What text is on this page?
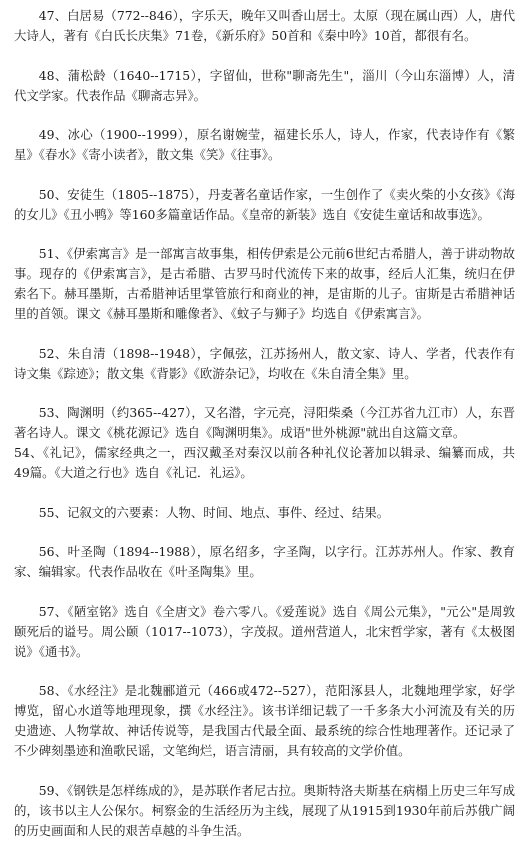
47、白居易（772--846），字乐天，晚年又叫香山居士。太原（现在属山西）人，唐代大诗人，著有《白氏长庆集》71卷，《新乐府》50首和《秦中吟》10首，都很有名。

48、蒲松龄（1640--1715），字留仙，世称"聊斋先生"，淄川（今山东淄博）人，清代文学家。代表作品《聊斋志异》。

49、冰心（1900--1999），原名谢婉莹，福建长乐人，诗人，作家，代表诗作有《繁星》《春水》《寄小读者》，散文集《笑》《往事》。

50、安徒生（1805--1875），丹麦著名童话作家，一生创作了《卖火柴的小女孩》《海的女儿》《丑小鸭》等160多篇童话作品。《皇帝的新装》选自《安徒生童话和故事选》。

51、《伊索寓言》是一部寓言故事集，相传伊索是公元前6世纪古希腊人，善于讲动物故事。现存的《伊索寓言》，是古希腊、古罗马时代流传下来的故事，经后人汇集，统归在伊索名下。赫耳墨斯，古希腊神话里掌管旅行和商业的神，是宙斯的儿子。宙斯是古希腊神话里的首领。课文《赫耳墨斯和雕像者》、《蚊子与狮子》均选自《伊索寓言》。

52、朱自清（1898--1948），字佩弦，江苏扬州人，散文家、诗人、学者，代表作有诗文集《踪迹》；散文集《背影》《欧游杂记》，均收在《朱自清全集》里。

53、陶渊明（约365--427），又名潜，字元亮，浔阳柴桑（今江苏省九江市）人，东晋著名诗人。课文《桃花源记》选自《陶渊明集》。成语"世外桃源"就出自这篇文章。

54、《礼记》，儒家经典之一，西汉戴圣对秦汉以前各种礼仪论著加以辑录、编纂而成，共49篇。《大道之行也》选自《礼记．礼运》。

55、记叙文的六要素：人物、时间、地点、事件、经过、结果。

56、叶圣陶（1894--1988），原名绍多，字圣陶，以字行。江苏苏州人。作家、教育家、编辑家。代表作品收在《叶圣陶集》里。

57、《陋室铭》选自《全唐文》卷六零八。《爱莲说》选自《周公元集》，"元公"是周敦颐死后的谥号。周公颐（1017--1073），字茂叔。道州营道人，北宋哲学家，著有《太极图说》《通书》。

58、《水经注》是北魏郦道元（466或472--527），范阳涿县人，北魏地理学家，好学博览，留心水道等地理现象，撰《水经注》。该书详细记载了一千多条大小河流及有关的历史遗迹、人物掌故、神话传说等，是我国古代最全面、最系统的综合性地理著作。还记录了不少碑刻墨迹和渔歌民谣，文笔绚烂，语言清丽，具有较高的文学价值。

59、《钢铁是怎样练成的》，是苏联作者尼古拉。奥斯特洛夫斯基在病榻上历史三年写成的，该书以主人公保尔。柯察金的生活经历为主线，展现了从1915到1930年前后苏俄广阔的历史画面和人民的艰苦卓越的斗争生活。
